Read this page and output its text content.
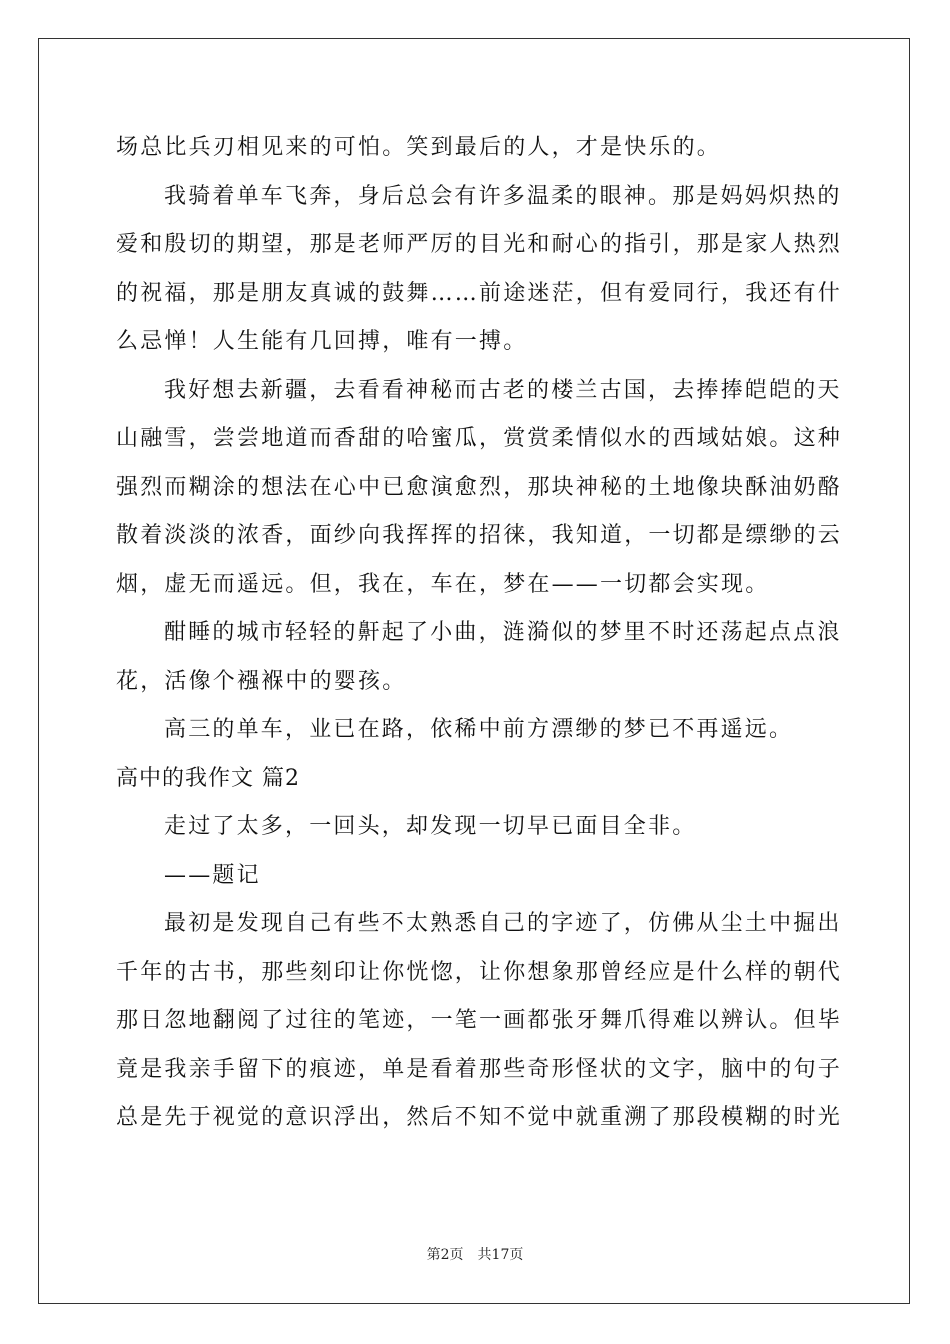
场总比兵刃相见来的可怕。笑到最后的人，才是快乐的。
我骑着单车飞奔，身后总会有许多温柔的眼神。那是妈妈炽热的
爱和殷切的期望，那是老师严厉的目光和耐心的指引，那是家人热烈
的祝福，那是朋友真诚的鼓舞……前途迷茫，但有爱同行，我还有什
么忌惮！人生能有几回搏，唯有一搏。
我好想去新疆，去看看神秘而古老的楼兰古国，去捧捧皑皑的天
山融雪，尝尝地道而香甜的哈蜜瓜，赏赏柔情似水的西域姑娘。这种
强烈而糊涂的想法在心中已愈演愈烈，那块神秘的土地像块酥油奶酪
散着淡淡的浓香，面纱向我挥挥的招徕，我知道，一切都是缥缈的云
烟，虚无而遥远。但，我在，车在，梦在——一切都会实现。
酣睡的城市轻轻的鼾起了小曲，涟漪似的梦里不时还荡起点点浪
花，活像个襁褓中的婴孩。
高三的单车，业已在路，依稀中前方漂缈的梦已不再遥远。
高中的我作文 篇2
走过了太多，一回头，却发现一切早已面目全非。
——题记
最初是发现自己有些不太熟悉自己的字迹了，仿佛从尘土中掘出
千年的古书，那些刻印让你恍惚，让你想象那曾经应是什么样的朝代
那日忽地翻阅了过往的笔迹，一笔一画都张牙舞爪得难以辨认。但毕
竟是我亲手留下的痕迹，单是看着那些奇形怪状的文字，脑中的句子
总是先于视觉的意识浮出，然后不知不觉中就重溯了那段模糊的时光
第2页　共17页
